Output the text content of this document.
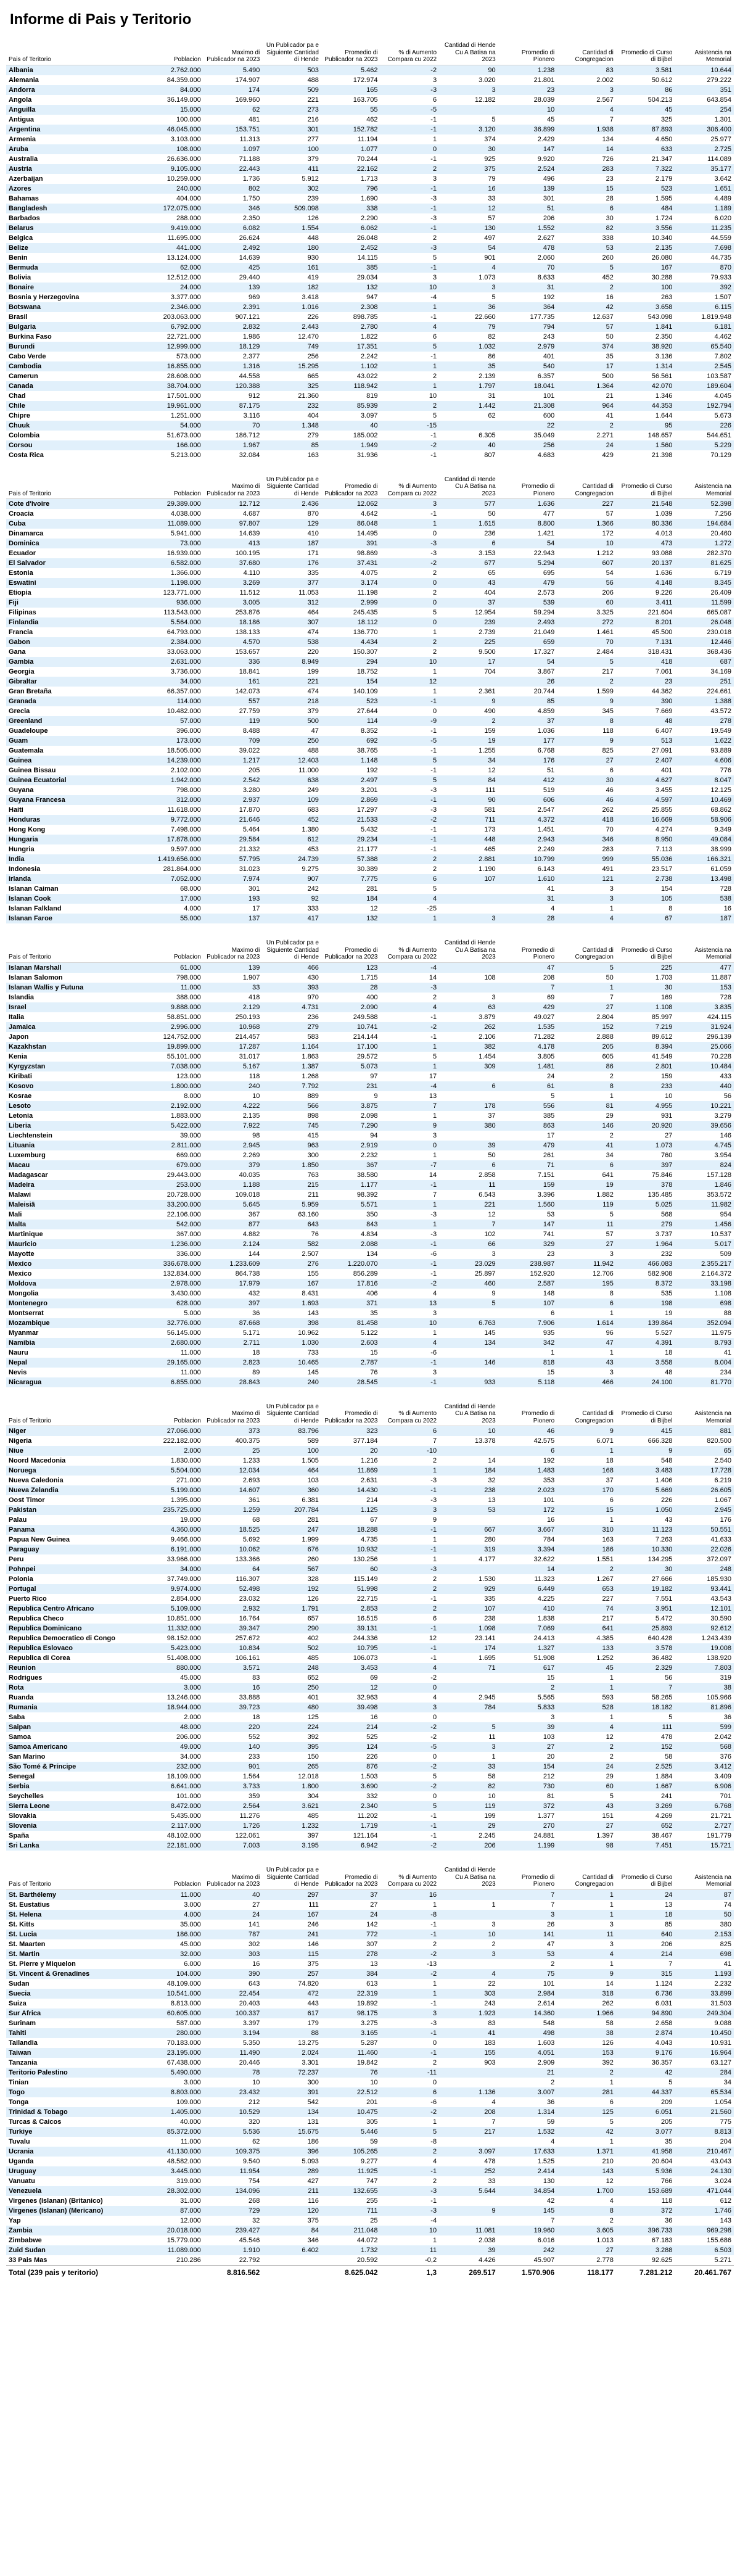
Informe di Pais y Teritorio
Pais of Teritorio	Poblacion	Maximo di Publicador na 2023	Un Publicador pa e Siguiente Cantidad di Hende	Promedio di Publicador na 2023	% di Aumento Compara cu 2022	Cantidad di Hende Cu A Batisa na 2023	Promedio di Pionero	Cantidad di Congregacion	Promedio di Curso di Bijbel	Asistencia na Memorial
Albania	2.762.000	5.490	503	5.462	-2	90	1.238	83	3.581	10.644
Alemania	84.359.000	174.907	488	172.974	3	3.020	21.801	2.002	50.612	279.222
Andorra	84.000	174	509	165	-3	3	23	3	86	351
Angola	36.149.000	169.960	221	163.705	6	12.182	28.039	2.567	504.213	643.854
Anguilla	15.000	62	273	55	-5		10	4	45	254
Antigua	100.000	481	216	462	-1	5	45	7	325	1.301
Argentina	46.045.000	153.751	301	152.782	-1	3.120	36.899	1.938	87.893	306.400
Armenia	3.103.000	11.313	277	11.194	1	374	2.429	134	4.650	25.977
Aruba	108.000	1.097	100	1.077	0	30	147	14	633	2.725
Australia	26.636.000	71.188	379	70.244	-1	925	9.920	726	21.347	114.089
Austria	9.105.000	22.443	411	22.162	2	375	2.524	283	7.322	35.177
Azerbaijan	10.259.000	1.736	5.912	1.713	3	79	496	23	2.179	3.642
Azores	240.000	802	302	796	-1	16	139	15	523	1.651
Bahamas	404.000	1.750	239	1.690	-3	33	301	28	1.595	4.489
Bangladesh	172.075.000	346	509.098	338	-1	12	51	6	484	1.189
Barbados	288.000	2.350	126	2.290	-3	57	206	30	1.724	6.020
Belarus	9.419.000	6.082	1.554	6.062	-1	130	1.552	82	3.556	11.235
Belgica	11.695.000	26.624	448	26.048	2	497	2.627	338	10.340	44.559
Belize	441.000	2.492	180	2.452	-3	54	478	53	2.135	7.698
Benin	13.124.000	14.639	930	14.115	5	901	2.060	260	26.080	44.735
Bermuda	62.000	425	161	385	-1	4	70	5	167	870
Bolivia	12.512.000	29.440	419	29.034	3	1.073	8.633	452	30.288	79.933
Bonaire	24.000	139	182	132	10	3	31	2	100	392
Bosnia y Herzegovina	3.377.000	969	3.418	947	-4	5	192	16	263	1.507
Botswana	2.346.000	2.391	1.016	2.308	1	36	364	42	3.658	6.115
Brasil	203.063.000	907.121	226	898.785	-1	22.660	177.735	12.637	543.098	1.819.948
Bulgaria	6.792.000	2.832	2.443	2.780	4	79	794	57	1.841	6.181
Burkina Faso	22.721.000	1.986	12.470	1.822	6	82	243	50	2.350	4.462
Burundi	12.999.000	18.129	749	17.351	5	1.032	2.979	374	38.920	65.540
Cabo Verde	573.000	2.377	256	2.242	-1	86	401	35	3.136	7.802
Cambodia	16.855.000	1.316	15.295	1.102	1	35	540	17	1.314	2.545
Camerun	28.608.000	44.558	665	43.022	2	2.139	6.357	500	56.561	103.587
Canada	38.704.000	120.388	325	118.942	1	1.797	18.041	1.364	42.070	189.604
Chad	17.501.000	912	21.360	819	10	31	101	21	1.346	4.045
Chile	19.961.000	87.175	232	85.939	2	1.442	21.308	964	44.353	192.794
Chipre	1.251.000	3.116	404	3.097	5	62	600	41	1.644	5.673
Chuuk	54.000	70	1.348	40	-15		22	2	95	226
Colombia	51.673.000	186.712	279	185.002	-1	6.305	35.049	2.271	148.657	544.651
Corsou	166.000	1.967	85	1.949	-2	40	256	24	1.560	5.229
Costa Rica	5.213.000	32.084	163	31.936	-1	807	4.683	429	21.398	70.129
Pais of Teritorio	Poblacion	Maximo di Publicador na 2023	Un Publicador pa e Siguiente Cantidad di Hende	Promedio di Publicador na 2023	% di Aumento Compara cu 2022	Cantidad di Hende Cu A Batisa na 2023	Promedio di Pionero	Cantidad di Congregacion	Promedio di Curso di Bijbel	Asistencia na Memorial
Cote d'Ivoire	29.389.000	12.712	2.436	12.062	3	577	1.636	227	21.548	52.398
Croacia	4.038.000	4.687	870	4.642	-1	50	477	57	1.039	7.256
Cuba	11.089.000	97.807	129	86.048	1	1.615	8.800	1.366	80.336	194.684
Dinamarca	5.941.000	14.639	410	14.495	0	236	1.421	172	4.013	20.460
Dominica	73.000	413	187	391	-3	6	54	10	473	1.272
Ecuador	16.939.000	100.195	171	98.869	-3	3.153	22.943	1.212	93.088	282.370
El Salvador	6.582.000	37.680	176	37.431	-2	677	5.294	607	20.137	81.625
Estonia	1.366.000	4.110	335	4.075	2	65	695	54	1.636	6.719
Eswatini	1.198.000	3.269	377	3.174	0	43	479	56	4.148	8.345
Etiopia	123.771.000	11.512	11.053	11.198	2	404	2.573	206	9.226	26.409
Fiji	936.000	3.005	312	2.999	0	37	539	60	3.411	11.599
Filipinas	113.543.000	253.876	464	245.435	5	12.954	59.294	3.325	221.604	665.087
Finlandia	5.564.000	18.186	307	18.112	0	239	2.493	272	8.201	26.048
Francia	64.793.000	138.133	474	136.770	1	2.739	21.049	1.461	45.500	230.018
Gabon	2.384.000	4.570	538	4.434	2	225	659	70	7.131	12.446
Gana	33.063.000	153.657	220	150.307	2	9.500	17.327	2.484	318.431	368.436
Gambia	2.631.000	336	8.949	294	10	17	54	5	418	687
Georgia	3.736.000	18.841	199	18.752	1	704	3.867	217	7.061	34.169
Gibraltar	34.000	161	221	154	12		26	2	23	251
Gran Bretaña	66.357.000	142.073	474	140.109	1	2.361	20.744	1.599	44.362	224.661
Granada	114.000	557	218	523	-1	9	85	9	390	1.388
Grecia	10.482.000	27.759	379	27.644	0	490	4.859	345	7.669	43.572
Greenland	57.000	119	500	114	-9	2	37	8	48	278
Guadeloupe	396.000	8.488	47	8.352	-1	159	1.036	118	6.407	19.549
Guam	173.000	709	250	692	-5	19	177	9	513	1.622
Guatemala	18.505.000	39.022	488	38.765	-1	1.255	6.768	825	27.091	93.889
Guinea	14.239.000	1.217	12.403	1.148	5	34	176	27	2.407	4.606
Guinea Bissau	2.102.000	205	11.000	192	-1	12	51	6	401	776
Guinea Ecuatorial	1.942.000	2.542	638	2.497	5	84	412	30	4.627	8.047
Guyana	798.000	3.280	249	3.201	-3	111	519	46	3.455	12.125
Guyana Francesa	312.000	2.937	109	2.869	-1	90	606	46	4.597	10.469
Haiti	11.618.000	17.870	683	17.297	-3	581	2.547	262	25.855	68.862
Honduras	9.772.000	21.646	452	21.533	-2	711	4.372	418	16.669	58.906
Hong Kong	7.498.000	5.464	1.380	5.432	-1	173	1.451	70	4.274	9.349
Hungaria	17.878.000	29.584	612	29.234	-1	448	2.943	346	8.950	49.084
Hungria	9.597.000	21.332	453	21.177	-1	465	2.249	283	7.113	38.999
India	1.419.656.000	57.795	24.739	57.388	2	2.881	10.799	999	55.036	166.321
Indonesia	281.864.000	31.023	9.275	30.389	2	1.190	6.143	491	23.517	61.059
Irlanda	7.052.000	7.974	907	7.775	6	107	1.610	121	2.738	13.498
Islanan Caiman	68.000	301	242	281	5		41	3	154	728
Islanan Cook	17.000	193	92	184	4		31	3	105	538
Islanan Falkland	4.000	17	333	12	-25		4	1	8	16
Islanan Faroe	55.000	137	417	132	1	3	28	4	67	187
Pais of Teritorio	Poblacion	Maximo di Publicador na 2023	Un Publicador pa e Siguiente Cantidad di Hende	Promedio di Publicador na 2023	% di Aumento Compara cu 2022	Cantidad di Hende Cu A Batisa na 2023	Promedio di Pionero	Cantidad di Congregacion	Promedio di Curso di Bijbel	Asistencia na Memorial
Islanan Marshall	61.000	139	466	123	-4		47	5	225	477
Islanan Salomon	798.000	1.907	430	1.715	14	108	208	50	1.703	11.887
Islanan Wallis y Futuna	11.000	33	393	28	-3		7	1	30	153
Islandia	388.000	418	970	400	2	3	69	7	169	728
Israel	9.888.000	2.129	4.731	2.090	4	63	429	27	1.108	3.835
Italia	58.851.000	250.193	236	249.588	-1	3.879	49.027	2.804	85.997	424.115
Jamaica	2.996.000	10.968	279	10.741	-2	262	1.535	152	7.219	31.924
Japon	124.752.000	214.457	583	214.144	-1	2.106	71.282	2.888	89.612	296.139
Kazakhstan	19.899.000	17.287	1.164	17.100	1	382	4.178	205	8.394	25.066
Kenia	55.101.000	31.017	1.863	29.572	5	1.454	3.805	605	41.549	70.228
Kyrgyzstan	7.038.000	5.167	1.387	5.073	1	309	1.481	86	2.801	10.484
Kiribati	123.000	118	1.268	97	17		24	2	159	433
Kosovo	1.800.000	240	7.792	231	-4	6	61	8	233	440
Kosrae	8.000	10	889	9	13		5	1	10	56
Lesoto	2.192.000	4.222	566	3.875	7	178	556	81	4.955	10.221
Letonia	1.883.000	2.135	898	2.098	1	37	385	29	931	3.279
Liberia	5.422.000	7.922	745	7.290	9	380	863	146	20.920	39.656
Liechtenstein	39.000	98	415	94	3		17	2	27	146
Lituania	2.811.000	2.945	963	2.919	0	39	479	41	1.073	4.745
Luxemburg	669.000	2.269	300	2.232	1	50	261	34	760	3.954
Macau	679.000	379	1.850	367	-7	6	71	6	397	824
Madagascar	29.443.000	40.035	763	38.580	14	2.858	7.151	641	75.846	157.128
Madeira	253.000	1.188	215	1.177	-1	11	159	19	378	1.846
Malawi	20.728.000	109.018	211	98.392	7	6.543	3.396	1.882	135.485	353.572
Maleisiä	33.200.000	5.645	5.959	5.571	1	221	1.560	119	5.025	11.982
Mali	22.106.000	367	63.160	350	-3	12	53	5	568	954
Malta	542.000	877	643	843	1	7	147	11	279	1.456
Martinique	367.000	4.882	76	4.834	-3	102	741	57	3.737	10.537
Mauricio	1.236.000	2.124	582	2.088	-1	66	329	27	1.964	5.017
Mayotte	336.000	144	2.507	134	-6	3	23	3	232	509
Mexico	336.678.000	1.233.609	276	1.220.070	-1	23.029	238.987	11.942	466.083	2.355.217
Mexico	132.834.000	864.738	155	856.289	-1	25.897	152.920	12.706	582.908	2.164.372
Moldova	2.978.000	17.979	167	17.816	-2	460	2.587	195	8.372	33.198
Mongolia	3.430.000	432	8.431	406	4	9	148	8	535	1.108
Montenegro	628.000	397	1.693	371	13	5	107	6	198	698
Montserrat	5.000	36	143	35	3		6	1	19	88
Mozambique	32.776.000	87.668	398	81.458	10	6.763	7.906	1.614	139.864	352.094
Myanmar	56.145.000	5.171	10.962	5.122	1	145	935	96	5.527	11.975
Namibia	2.680.000	2.711	1.030	2.603	4	134	342	47	4.391	8.793
Nauru	11.000	18	733	15	-6		1	1	18	41
Nepal	29.165.000	2.823	10.465	2.787	-1	146	818	43	3.558	8.004
Nevis	11.000	89	145	76	3		15	3	48	234
Nicaragua	6.855.000	28.843	240	28.545	-1	933	5.118	466	24.100	81.770
Pais of Teritorio	Poblacion	Maximo di Publicador na 2023	Un Publicador pa e Siguiente Cantidad di Hende	Promedio di Publicador na 2023	% di Aumento Compara cu 2022	Cantidad di Hende Cu A Batisa na 2023	Promedio di Pionero	Cantidad di Congregacion	Promedio di Curso di Bijbel	Asistencia na Memorial
Niger	27.066.000	373	83.796	323	6	10	46	9	415	881
Nigeria	222.182.000	400.375	589	377.184	7	13.378	42.575	6.071	666.328	820.500
Niue	2.000	25	100	20	-10		6	1	9	65
Noord Macedonia	1.830.000	1.233	1.505	1.216	2	14	192	18	548	2.540
Noruega	5.504.000	12.034	464	11.869	1	184	1.483	168	3.483	17.728
Nueva Caledonia	271.000	2.693	103	2.631	-3	32	353	37	1.406	6.219
Nueva Zelandia	5.199.000	14.607	360	14.430	-1	238	2.023	170	5.669	26.605
Oost Timor	1.395.000	361	6.381	214	-3	13	101	6	226	1.067
Pakistan	235.725.000	1.259	207.784	1.125	3	53	172	15	1.050	2.945
Palau	19.000	68	281	67	9		16	1	43	176
Panama	4.360.000	18.525	247	18.288	-1	667	3.667	310	11.123	50.551
Papua New Guinea	9.466.000	5.692	1.999	4.735	1	280	784	163	7.263	41.633
Paraguay	6.191.000	10.062	676	10.932	-1	319	3.394	186	10.330	22.026
Peru	33.966.000	133.366	260	130.256	1	4.177	32.622	1.551	134.295	372.097
Pohnpei	34.000	64	567	60	-3		14	2	30	248
Polonia	37.749.000	116.307	328	115.149	2	1.530	11.323	1.267	27.666	185.930
Portugal	9.974.000	52.498	192	51.998	2	929	6.449	653	19.182	93.441
Puerto Rico	2.854.000	23.032	126	22.715	-1	335	4.225	227	7.551	43.543
Republica Centro Africano	5.109.000	2.932	1.791	2.853	2	107	410	74	3.951	12.101
Republica Checo	10.851.000	16.764	657	16.515	6	238	1.838	217	5.472	30.590
Republica Dominicano	11.332.000	39.347	290	39.131	-1	1.098	7.069	641	25.893	92.612
Republica Democratico di Congo	98.152.000	257.672	402	244.336	12	23.141	24.413	4.385	640.428	1.243.439
Republica Eslovaco	5.423.000	10.834	502	10.795	-1	174	1.327	133	3.578	19.008
Republica di Corea	51.408.000	106.161	485	106.073	-1	1.695	51.908	1.252	36.482	138.920
Reunion	880.000	3.571	248	3.453	4	71	617	45	2.329	7.803
Rodrigues	45.000	83	652	69	-2		15	1	56	319
Rota	3.000	16	250	12	0		2	1	7	38
Ruanda	13.246.000	33.888	401	32.963	4	2.945	5.565	593	58.265	105.966
Rumania	18.944.000	39.723	480	39.498	3	784	5.833	528	18.182	81.896
Saba	2.000	18	125	16	0		3	1	5	36
Saipan	48.000	220	224	214	-2	5	39	4	111	599
Samoa	206.000	552	392	525	-2	11	103	12	478	2.042
Samoa Americano	49.000	140	395	124	-5	3	27	2	152	568
San Marino	34.000	233	150	226	0	1	20	2	58	376
São Tomé & Príncipe	232.000	901	265	876	-2	33	154	24	2.525	3.412
Senegal	18.109.000	1.564	12.018	1.503	5	58	212	29	1.884	3.409
Serbia	6.641.000	3.733	1.800	3.690	-2	82	730	60	1.667	6.906
Seychelles	101.000	359	304	332	0	10	81	5	241	701
Sierra Leone	8.472.000	2.564	3.621	2.340	5	119	372	43	3.269	6.768
Slovakia	5.435.000	11.276	485	11.202	-1	199	1.377	151	4.269	21.721
Slovenia	2.117.000	1.726	1.232	1.719	-1	29	270	27	652	2.727
Spaña	48.102.000	122.061	397	121.164	-1	2.245	24.881	1.397	38.467	191.779
Sri Lanka	22.181.000	7.003	3.195	6.942	-2	206	1.199	98	7.451	15.721
Pais of Teritorio	Poblacion	Maximo di Publicador na 2023	Un Publicador pa e Siguiente Cantidad di Hende	Promedio di Publicador na 2023	% di Aumento Compara cu 2022	Cantidad di Hende Cu A Batisa na 2023	Promedio di Pionero	Cantidad di Congregacion	Promedio di Curso di Bijbel	Asistencia na Memorial
St. Barthélemy	11.000	40	297	37	16		7	1	24	87
St. Eustatius	3.000	27	111	27	1	1	7	1	13	74
St. Helena	4.000	24	167	24	-8		3	1	18	50
St. Kitts	35.000	141	246	142	-1	3	26	3	85	380
St. Lucia	186.000	787	241	772	-1	10	141	11	640	2.153
St. Maarten	45.000	302	146	307	2	2	47	3	206	825
St. Martin	32.000	303	115	278	-2	3	53	4	214	698
St. Pierre y Miquelon	6.000	16	375	13	-13		2	1	7	41
St. Vincent & Grenadines	104.000	390	257	384	-2	4	75	9	315	1.193
Sudan	48.109.000	643	74.820	613	1	22	101	14	1.124	2.232
Suecia	10.541.000	22.454	472	22.319	1	303	2.984	318	6.736	33.899
Suiza	8.813.000	20.403	443	19.892	-1	243	2.614	262	6.031	31.503
Sur Africa	60.605.000	100.337	617	98.175	3	1.923	14.360	1.966	94.890	249.304
Surinam	587.000	3.397	179	3.275	-3	83	548	58	2.658	9.088
Tahiti	280.000	3.194	88	3.165	-1	41	498	38	2.874	10.450
Tailandia	70.183.000	5.350	13.275	5.287	0	183	1.603	126	4.043	10.931
Taiwan	23.195.000	11.490	2.024	11.460	-1	155	4.051	153	9.176	16.964
Tanzania	67.438.000	20.446	3.301	19.842	2	903	2.909	392	36.357	63.127
Teritorio Palestino	5.490.000	78	72.237	76	-11		21	2	42	284
Tinian	3.000	10	300	10	0		2	1	5	34
Togo	8.803.000	23.432	391	22.512	6	1.136	3.007	281	44.337	65.534
Tonga	109.000	212	542	201	-6	4	36	6	209	1.054
Trinidad & Tobago	1.405.000	10.529	134	10.475	-2	208	1.314	125	6.051	21.560
Turcas & Caicos	40.000	320	131	305	1	7	59	5	205	775
Turkiye	85.372.000	5.536	15.675	5.446	5	217	1.532	42	3.077	8.813
Tuvalu	11.000	62	186	59	-8		4	1	35	204
Ucrania	41.130.000	109.375	396	105.265	2	3.097	17.633	1.371	41.958	210.467
Uganda	48.582.000	9.540	5.093	9.277	4	478	1.525	210	20.604	43.043
Uruguay	3.445.000	11.954	289	11.925	-1	252	2.414	143	5.936	24.130
Vanuatu	319.000	754	427	747	2	33	130	12	766	3.024
Venezuela	28.302.000	134.096	211	132.655	-3	5.644	34.854	1.700	153.689	471.044
Virgenes (Islanan) (Britanico)	31.000	268	116	255	-1		42	4	118	612
Virgenes (Islanan) (Mericano)	87.000	729	120	711	-3	9	145	8	372	1.746
Yap	12.000	32	375	25	-4		7	2	36	143
Zambia	20.018.000	239.427	84	211.048	10	11.081	19.960	3.605	396.733	969.298
Zimbabwe	15.779.000	45.546	346	44.072	1	2.038	6.016	1.013	67.183	155.686
Zuid Sudan	11.089.000	1.910	6.402	1.732	11	39	242	27	3.288	6.503
33 Pais Mas	210.286	22.792		20.592	-0,2	4.426	45.907	2.778	92.625	5.271
Total (239 pais y teritorio)		8.816.562		8.625.042	1,3	269.517	1.570.906	118.177	7.281.212	20.461.767
